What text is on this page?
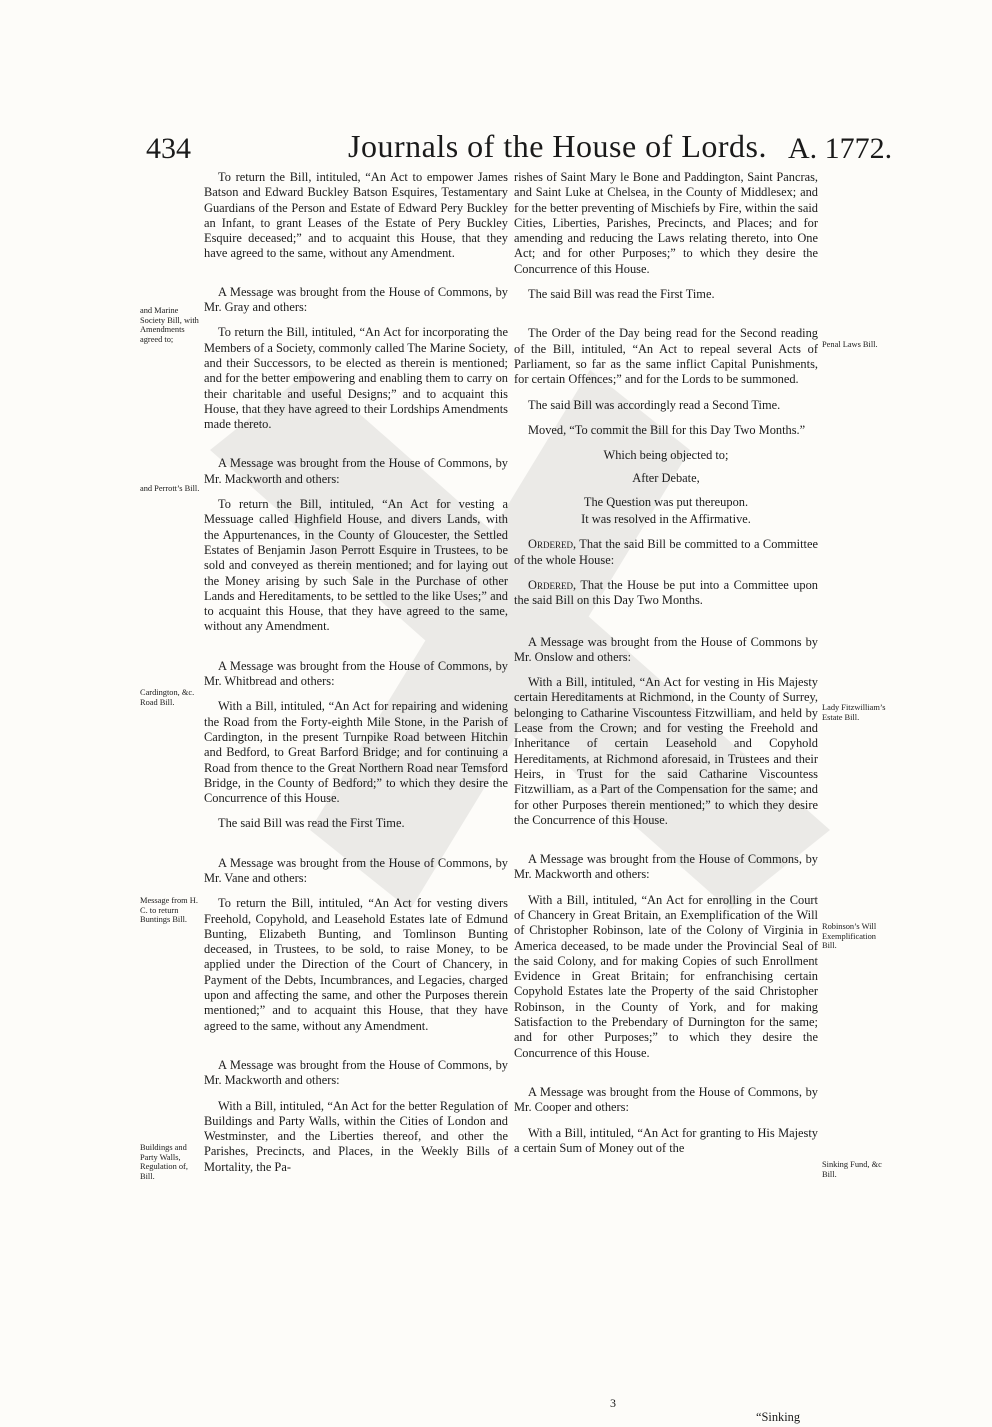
434	Journals of the House of Lords. A. 1772.

To return the Bill, intituled, “An Act to empower James Batson and Edward Buckley Batson Esquires, Testamentary Guardians of the Person and Estate of Edward Pery Buckley an Infant, to grant Leases of the Estate of Pery Buckley Esquire deceased;” and to acquaint this House, that they have agreed to the same, without any Amendment.

A Message was brought from the House of Commons, by Mr. Gray and others:

To return the Bill, intituled, “An Act for incorporating the Members of a Society, commonly called The Marine Society, and their Successors, to be elected as therein is mentioned; and for the better empowering and enabling them to carry on their charitable and useful Designs;” and to acquaint this House, that they have agreed to their Lordships Amendments made thereto.

A Message was brought from the House of Commons, by Mr. Mackworth and others:

To return the Bill, intituled, “An Act for vesting a Messuage called Highfield House, and divers Lands, with the Appurtenances, in the County of Gloucester, the Settled Estates of Benjamin Jason Perrott Esquire in Trustees, to be sold and conveyed as therein mentioned; and for laying out the Money arising by such Sale in the Purchase of other Lands and Hereditaments, to be settled to the like Uses;” and to acquaint this House, that they have agreed to the same, without any Amendment.

A Message was brought from the House of Commons, by Mr. Whitbread and others:

With a Bill, intituled, “An Act for repairing and widening the Road from the Forty-eighth Mile Stone, in the Parish of Cardington, in the present Turnpike Road between Hitchin and Bedford, to Great Barford Bridge; and for continuing a Road from thence to the Great Northern Road near Temsford Bridge, in the County of Bedford;” to which they desire the Concurrence of this House.

The said Bill was read the First Time.

A Message was brought from the House of Commons, by Mr. Vane and others:

To return the Bill, intituled, “An Act for vesting divers Freehold, Copyhold, and Leasehold Estates late of Edmund Bunting, Elizabeth Bunting, and Tomlinson Bunting deceased, in Trustees, to be sold, to raise Money, to be applied under the Direction of the Court of Chancery, in Payment of the Debts, Incumbrances, and Legacies, charged upon and affecting the same, and other the Purposes therein mentioned;” and to acquaint this House, that they have agreed to the same, without any Amendment.

A Message was brought from the House of Commons, by Mr. Mackworth and others:

With a Bill, intituled, “An Act for the better Regulation of Buildings and Party Walls, within the Cities of London and Westminster, and the Liberties thereof, and other the Parishes, Precincts, and Places, in the Weekly Bills of Mortality, the Pa-

rishes of Saint Mary le Bone and Paddington, Saint Pancras, and Saint Luke at Chelsea, in the County of Middlesex; and for the better preventing of Mischiefs by Fire, within the said Cities, Liberties, Parishes, Precincts, and Places; and for amending and reducing the Laws relating thereto, into One Act; and for other Purposes;” to which they desire the Concurrence of this House.

The said Bill was read the First Time.

The Order of the Day being read for the Second reading of the Bill, intituled, “An Act to repeal several Acts of Parliament, so far as the same inflict Capital Punishments, for certain Offences;” and for the Lords to be summoned.

The said Bill was accordingly read a Second Time.

Moved, “To commit the Bill for this Day Two Months.”

Which being objected to;

After Debate,

The Question was put thereupon.

It was resolved in the Affirmative.

Ordered, That the said Bill be committed to a Committee of the whole House:

Ordered, That the House be put into a Committee upon the said Bill on this Day Two Months.

A Message was brought from the House of Commons by Mr. Onslow and others:

With a Bill, intituled, “An Act for vesting in His Majesty certain Hereditaments at Richmond, in the County of Surrey, belonging to Catharine Viscountess Fitzwilliam, and held by Lease from the Crown; and for vesting the Freehold and Inheritance of certain Leasehold and Copyhold Hereditaments, at Richmond aforesaid, in Trustees and their Heirs, in Trust for the said Catharine Viscountess Fitzwilliam, as a Part of the Compensation for the same; and for other Purposes therein mentioned;” to which they desire the Concurrence of this House.

A Message was brought from the House of Commons, by Mr. Mackworth and others:

With a Bill, intituled, “An Act for enrolling in the Court of Chancery in Great Britain, an Exemplification of the Will of Christopher Robinson, late of the Colony of Virginia in America deceased, to be made under the Provincial Seal of the said Colony, and for making Copies of such Enrollment Evidence in Great Britain; for enfranchising certain Copyhold Estates late the Property of the said Christopher Robinson, in the County of York, and for making Satisfaction to the Prebendary of Durnington for the same; and for other Purposes;” to which they desire the Concurrence of this House.

A Message was brought from the House of Commons, by Mr. Cooper and others:

With a Bill, intituled, “An Act for granting to His Majesty a certain Sum of Money out of the

and Marine Society Bill, with Amendments agreed to;
and Perrott’s Bill.
Cardington, &c. Road Bill.
Message from H. C. to return Buntings Bill.
Buildings and Party Walls, Regulation of, Bill.
Penal Laws Bill.
Lady Fitzwilliam’s Estate Bill.
Robinson’s Will Exemplification Bill.
Sinking Fund, &c Bill.
3
“Sinking
